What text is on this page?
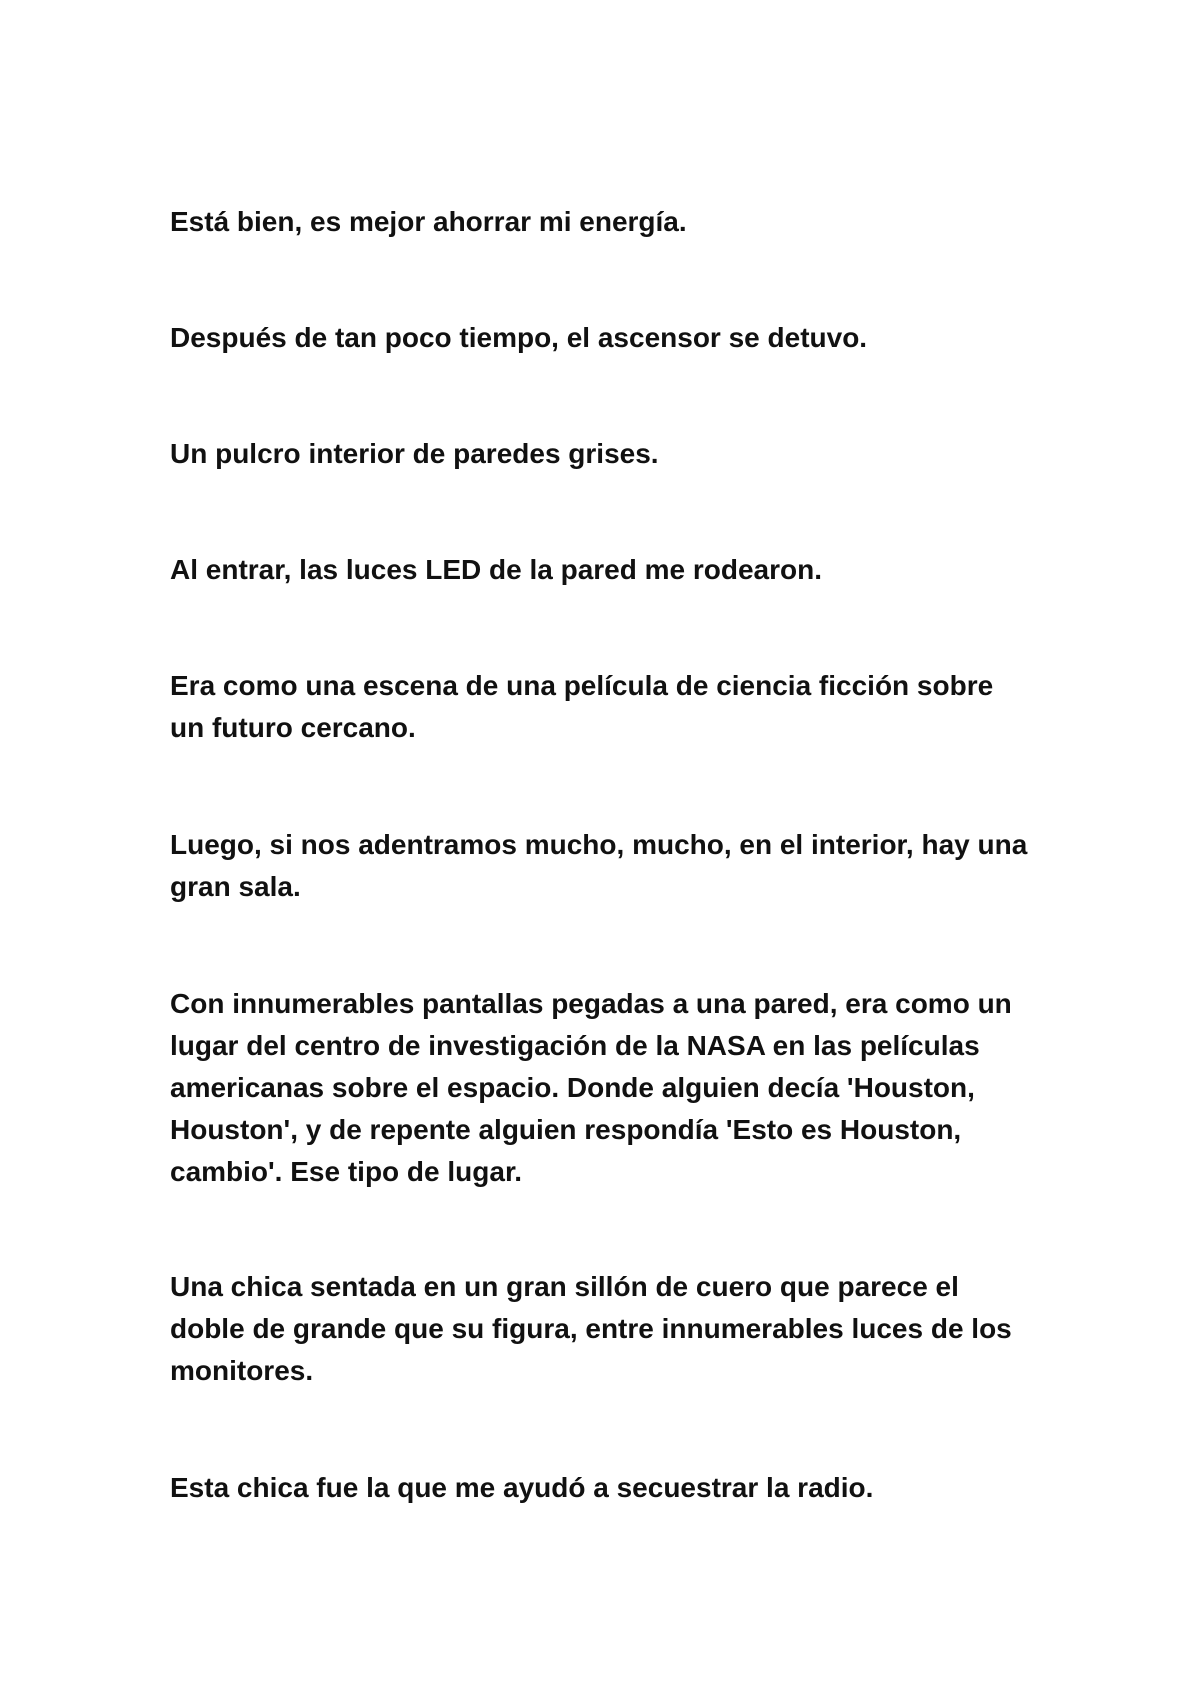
Está bien, es mejor ahorrar mi energía.

Después de tan poco tiempo, el ascensor se detuvo.

Un pulcro interior de paredes grises.

Al entrar, las luces LED de la pared me rodearon.

Era como una escena de una película de ciencia ficción sobre un futuro cercano.

Luego, si nos adentramos mucho, mucho, en el interior, hay una gran sala.

Con innumerables pantallas pegadas a una pared, era como un lugar del centro de investigación de la NASA en las películas americanas sobre el espacio. Donde alguien decía 'Houston, Houston', y de repente alguien respondía 'Esto es Houston, cambio'. Ese tipo de lugar.

Una chica sentada en un gran sillón de cuero que parece el doble de grande que su figura, entre innumerables luces de los monitores.

Esta chica fue la que me ayudó a secuestrar la radio.
